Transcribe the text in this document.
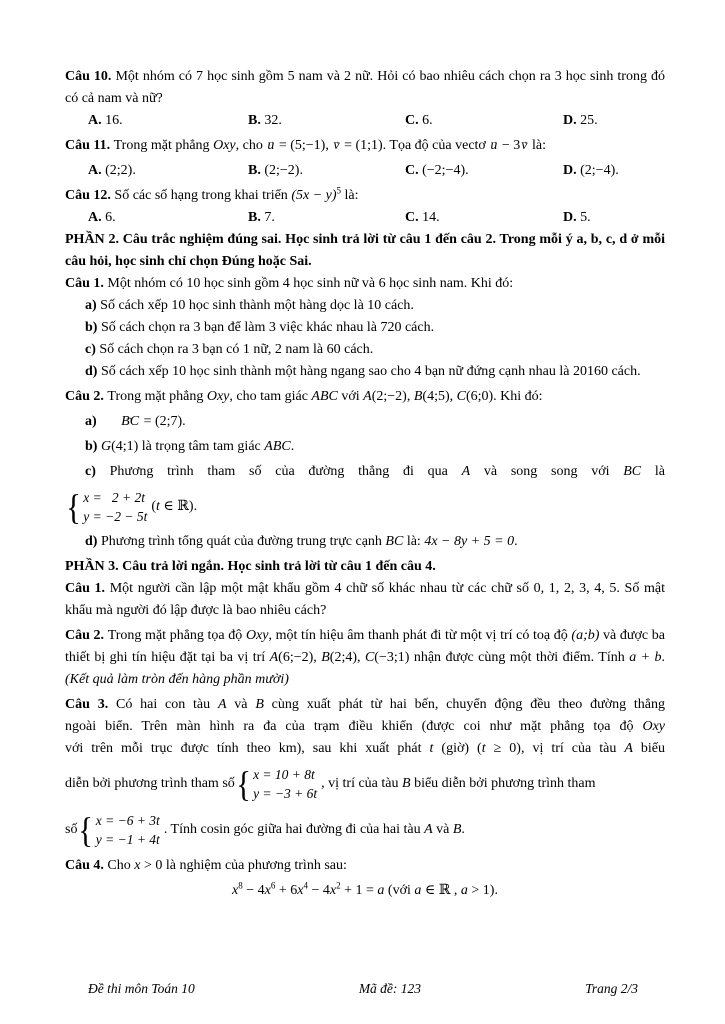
Câu 10. Một nhóm có 7 học sinh gồm 5 nam và 2 nữ. Hỏi có bao nhiêu cách chọn ra 3 học sinh trong đó có cả nam và nữ?

A. 16.	B. 32.	C. 6.	D. 25.

Câu 11. Trong mặt phẳng Oxy, cho u → = (5;−1), v → = (1;1). Tọa độ của vectơ u → − 3v → là:

A. (2;2).	B. (2;−2).	C. (−2;−4).	D. (2;−4).

Câu 12. Số các số hạng trong khai triển $(5x - y)^5$ là:

A. 6.	B. 7.	C. 14.	D. 5.

PHẦN 2. Câu trắc nghiệm đúng sai. Học sinh trả lời từ câu 1 đến câu 2. Trong mỗi ý a, b, c, d ở mỗi câu hỏi, học sinh chỉ chọn Đúng hoặc Sai.

Câu 1. Một nhóm có 10 học sinh gồm 4 học sinh nữ và 6 học sinh nam. Khi đó:

a) Số cách xếp 10 học sinh thành một hàng dọc là 10 cách.

b) Số cách chọn ra 3 bạn để làm 3 việc khác nhau là 720 cách.

c) Số cách chọn ra 3 bạn có 1 nữ, 2 nam là 60 cách.

d) Số cách xếp 10 học sinh thành một hàng ngang sao cho 4 bạn nữ đứng cạnh nhau là 20160 cách.

Câu 2. Trong mặt phẳng Oxy, cho tam giác ABC với A(2;−2), B(4;5), C(6;0). Khi đó:

a) BC → = (2;7).

b) G(4;1) là trọng tâm tam giác ABC.

c) Phương trình tham số của đường thẳng đi qua A và song song với BC là

{ x =   2 + 2t
y = −2 − 5t
(t ∈ ℝ).

d) Phương trình tổng quát của đường trung trực cạnh BC là: 4x − 8y + 5 = 0.

PHẦN 3. Câu trả lời ngắn. Học sinh trả lời từ câu 1 đến câu 4.

Câu 1. Một người cần lập một mật khẩu gồm 4 chữ số khác nhau từ các chữ số 0, 1, 2, 3, 4, 5. Số mật khẩu mà người đó lập được là bao nhiêu cách?

Câu 2. Trong mặt phẳng tọa độ Oxy, một tín hiệu âm thanh phát đi từ một vị trí có toạ độ (a;b) và được ba thiết bị ghi tín hiệu đặt tại ba vị trí A(6;−2), B(2;4), C(−3;1) nhận được cùng một thời điểm. Tính a + b. (Kết quả làm tròn đến hàng phần mười)

Câu 3. Có hai con tàu A và B cùng xuất phát từ hai bến, chuyển động đều theo đường thẳng

ngoài biển. Trên màn hình ra đa của trạm điều khiển (được coi như mặt phẳng tọa độ Oxy

với trên mỗi trục được tính theo km), sau khi xuất phát t (giờ) (t ≥ 0), vị trí của tàu A biểu

diễn bởi phương trình tham số { x = 10 + 8t
y = −3 + 6t
, vị trí của tàu B biểu diễn bởi phương trình tham
số { x = −6 + 3t
y = −1 + 4t
. Tính cosin góc giữa hai đường đi của hai tàu A và B.

Câu 4. Cho x > 0 là nghiệm của phương trình sau:

$x^8 - 4x^6 + 6x^4 - 4x^2 + 1 = a$ (với a ∈ ℝ , a > 1).

Đề thi môn Toán 10	Mã đề: 123	Trang 2/3
